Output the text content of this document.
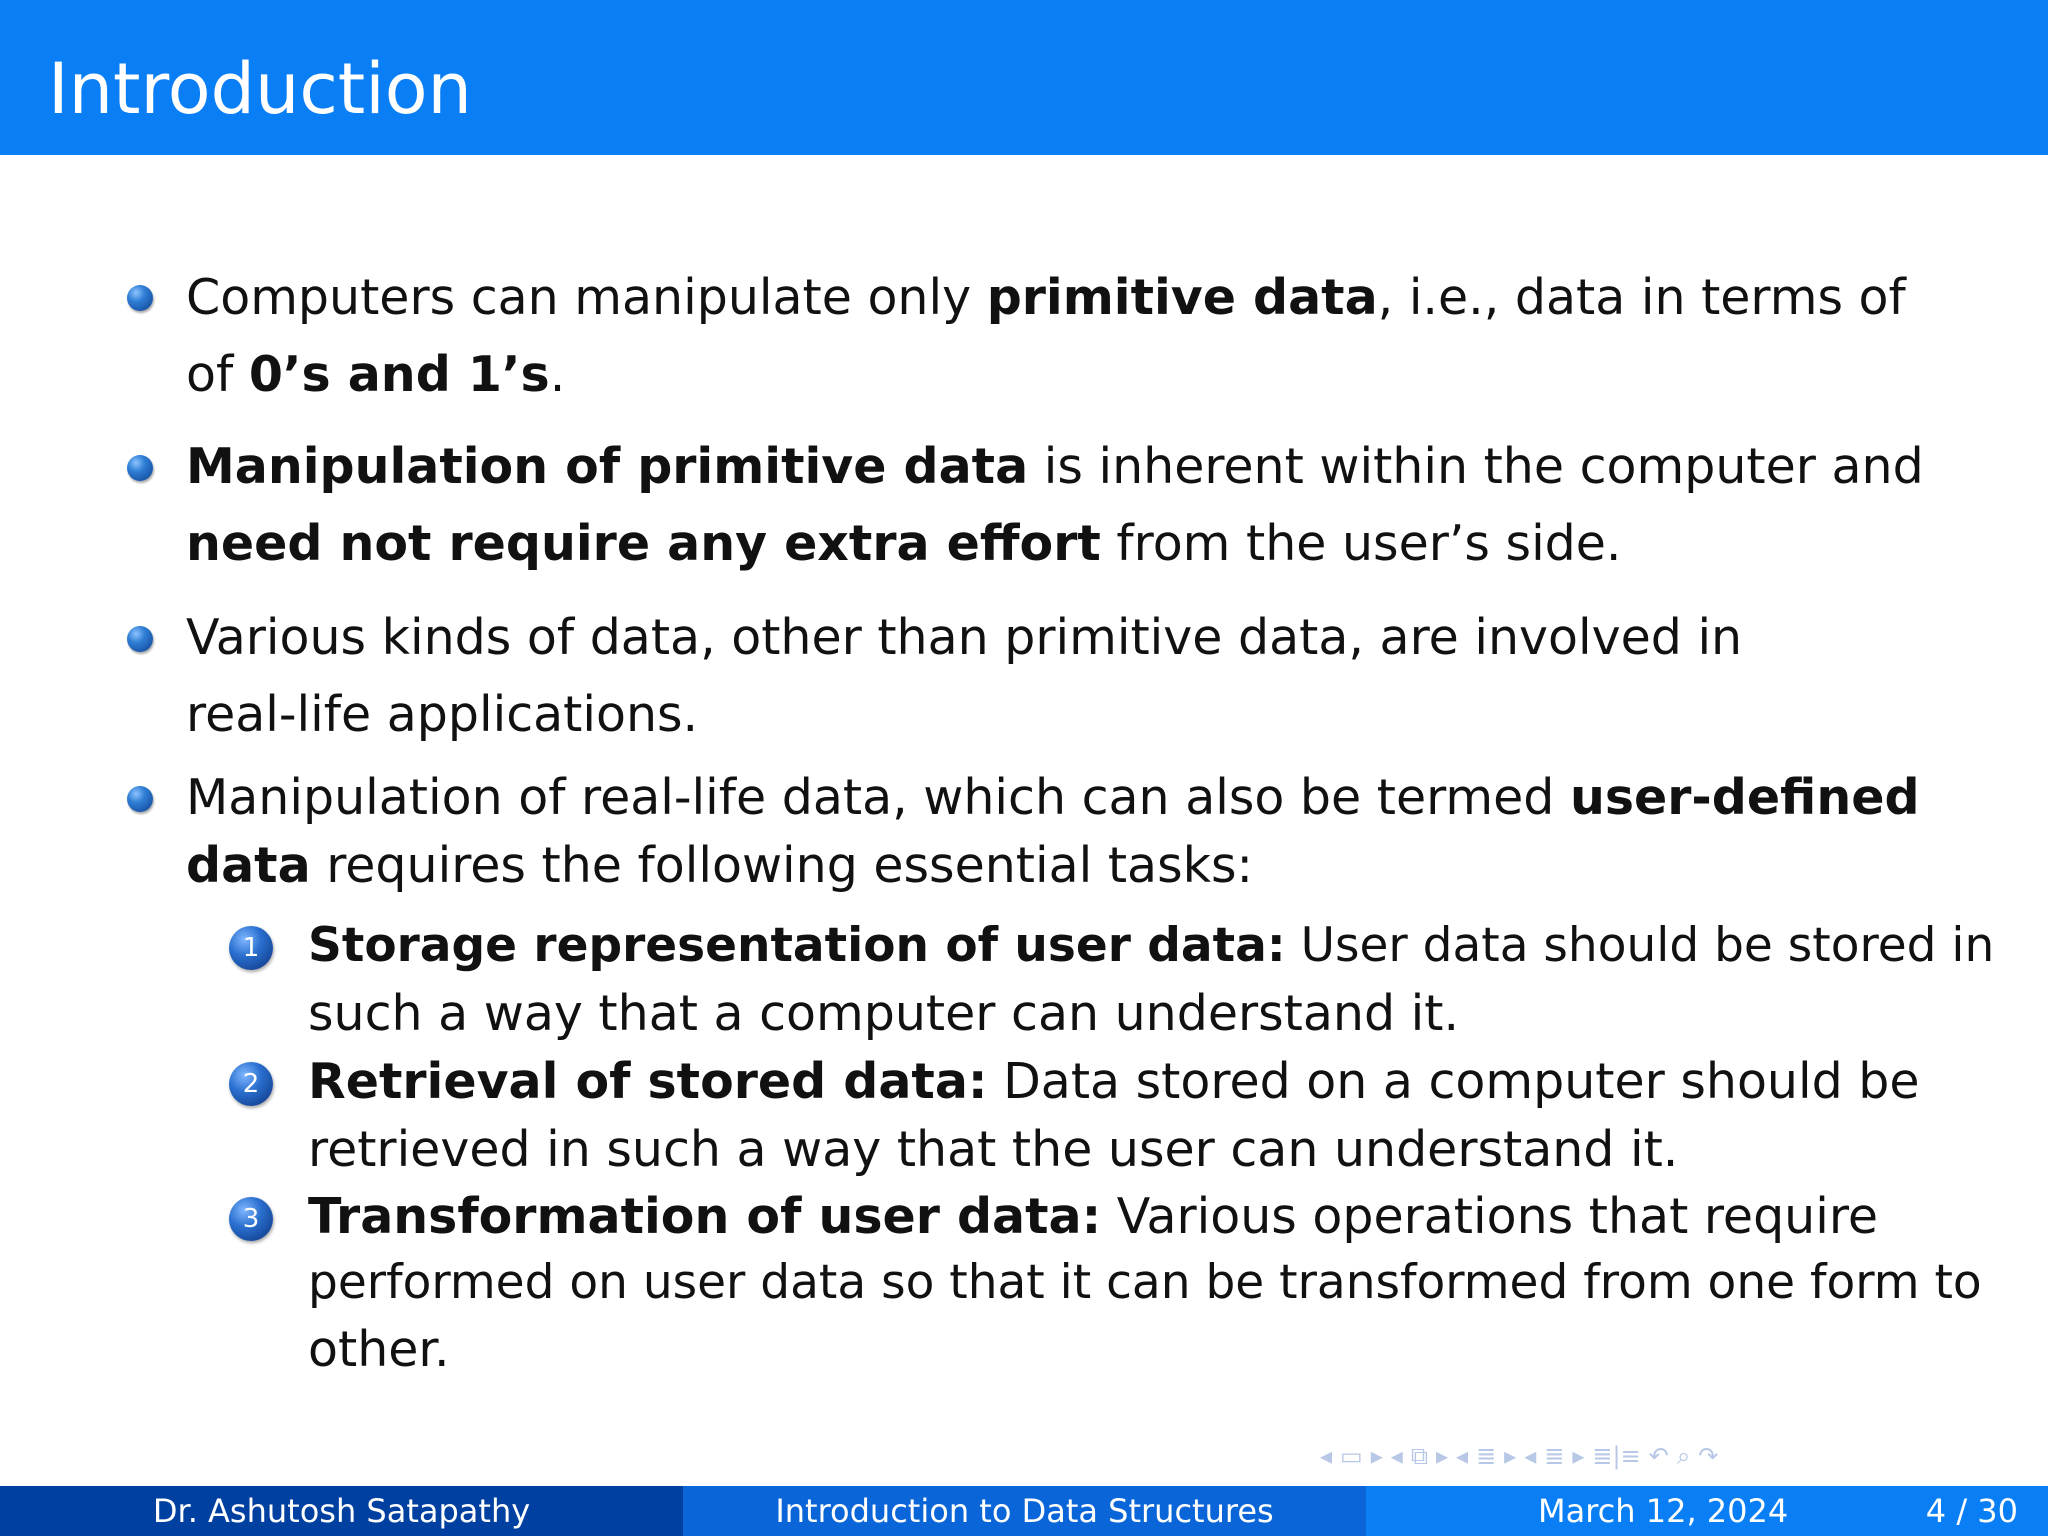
Introduction
Computers can manipulate only primitive data, i.e., data in terms of
of 0’s and 1’s.
Manipulation of primitive data is inherent within the computer and
need not require any extra effort from the user’s side.
Various kinds of data, other than primitive data, are involved in
real-life applications.
Manipulation of real-life data, which can also be termed user-defined
data requires the following essential tasks:
1 Storage representation of user data: User data should be stored in
such a way that a computer can understand it.
2 Retrieval of stored data: Data stored on a computer should be
retrieved in such a way that the user can understand it.
3 Transformation of user data: Various operations that require
performed on user data so that it can be transformed from one form to
other.
◂ ▭ ▸ ◂ ⧉ ▸ ◂ ≣ ▸ ◂ ≣ ▸ ≣|≡ ↶ ⌕ ↷
Dr. Ashutosh Satapathy	Introduction to Data Structures	March 12, 2024	4 / 30
